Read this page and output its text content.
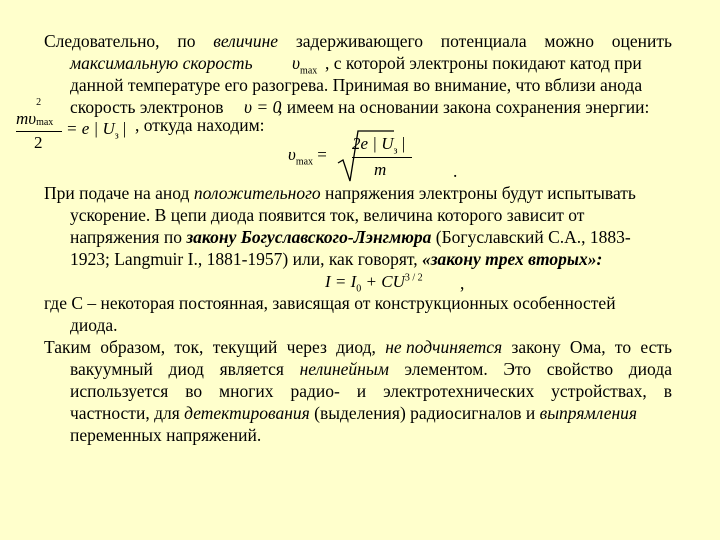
Следовательно, по величине задерживающего потенциала можно оценить
максимальную скорость $\upsilon_{max}$ , с которой электроны покидают катод при
данной температуре его разогрева. Принимая во внимание, что вблизи анода
скорость электронов υ = 0
, имеем на основании закона сохранения энергии:
mυ
2
max
2
= e | $U_з$ | , откуда находим:
$\upsilon_{max}$ =
2e | $U_з$ |
m	.
При подаче на анод положительного напряжения электроны будут испытывать
ускорение. В цепи диода появится ток, величина которого зависит от
напряжения по закону Богуславского-Лэнгмюра (Богуславский С.А., 1883-
1923; Langmuir I., 1881-1957) или, как говорят, «закону трех вторых»:
$I = I_0 + CU^{3 / 2}$ ,
где C – некоторая постоянная, зависящая от конструкционных особенностей
диода.
Таким образом, ток, текущий через диод, не подчиняется закону Ома, то есть
вакуумный диод является нелинейным элементом. Это свойство диода
используется во многих радио- и электротехнических устройствах, в
частности, для детектирования (выделения) радиосигналов и выпрямления
переменных напряжений.
